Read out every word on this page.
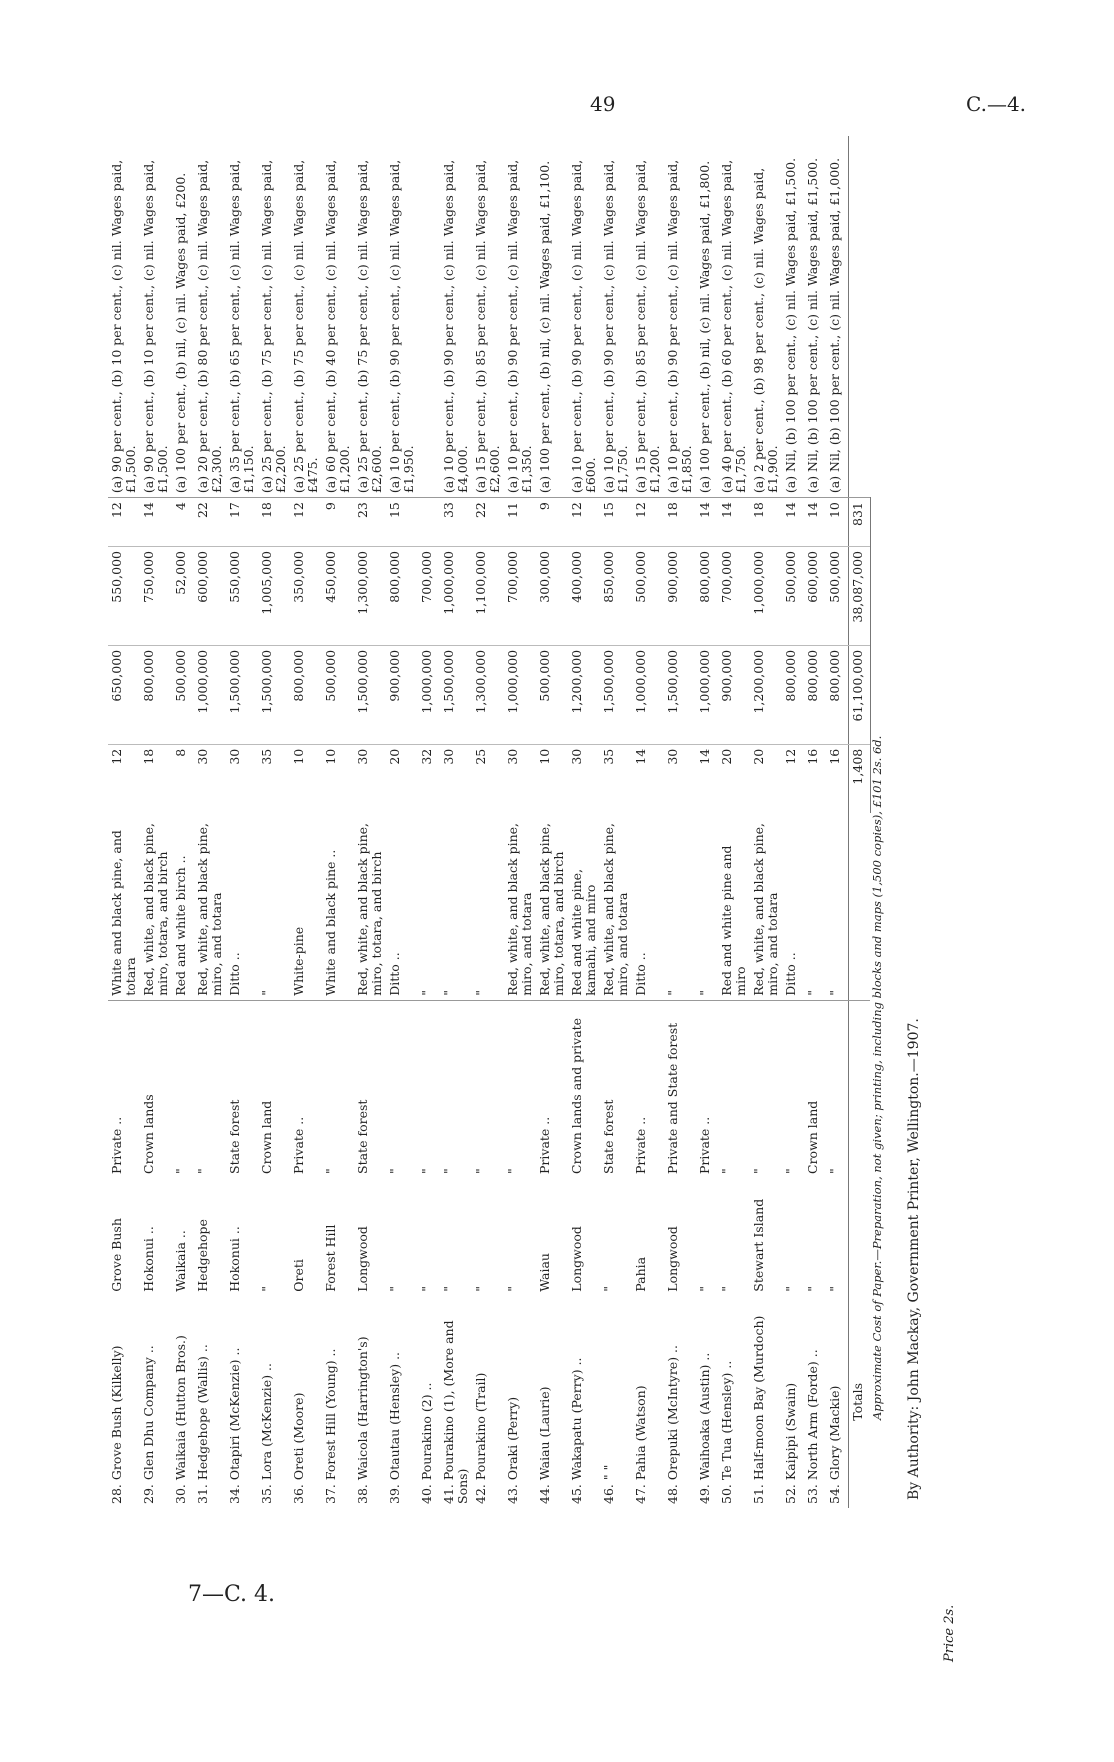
49	C.—4.
28. Grove Bush (Kilkelly)	Grove Bush	Private ..	White and black pine, and totara	12	650,000	550,000	12	(a) 90 per cent., (b) 10 per cent., (c) nil. Wages paid, £1,500.
29. Glen Dhu Company ..	Hokonui ..	Crown lands	Red, white, and black pine, miro, totara, and birch	18	800,000	750,000	14	(a) 90 per cent., (b) 10 per cent., (c) nil. Wages paid, £1,500.
30. Waikaia (Hutton Bros.)	Waikaia ..	"	Red and white birch ..	8	500,000	52,000	4	(a) 100 per cent., (b) nil, (c) nil. Wages paid, £200.
31. Hedgehope (Wallis) ..	Hedgehope	"	Red, white, and black pine, miro, and totara	30	1,000,000	600,000	22	(a) 20 per cent., (b) 80 per cent., (c) nil. Wages paid, £2,300.
34. Otapiri (McKenzie) ..	Hokonui ..	State forest	Ditto ..	30	1,500,000	550,000	17	(a) 35 per cent., (b) 65 per cent., (c) nil. Wages paid, £1,150.
35. Lora (McKenzie) ..	"	Crown land	"	35	1,500,000	1,005,000	18	(a) 25 per cent., (b) 75 per cent., (c) nil. Wages paid, £2,200.
36. Oreti (Moore)	Oreti	Private ..	White-pine	10	800,000	350,000	12	(a) 25 per cent., (b) 75 per cent., (c) nil. Wages paid, £475.
37. Forest Hill (Young) ..	Forest Hill	"	White and black pine ..	10	500,000	450,000	9	(a) 60 per cent., (b) 40 per cent., (c) nil. Wages paid, £1,200.
38. Waicola (Harrington's)	Longwood	State forest	Red, white, and black pine, miro, totara, and birch	30	1,500,000	1,300,000	23	(a) 25 per cent., (b) 75 per cent., (c) nil. Wages paid, £2,600.
39. Otautau (Hensley) ..	"	"	Ditto ..	20	900,000	800,000	15	(a) 10 per cent., (b) 90 per cent., (c) nil. Wages paid, £1,950.
40. Pourakino (2) ..	"	"	"	32	1,000,000	700,000		
41. Pourakino (1), (More and Sons)	"	"	"	30	1,500,000	1,000,000	33	(a) 10 per cent., (b) 90 per cent., (c) nil. Wages paid, £4,000.
42. Pourakino (Trail)	"	"	"	25	1,300,000	1,100,000	22	(a) 15 per cent., (b) 85 per cent., (c) nil. Wages paid, £2,600.
43. Oraki (Perry)	"	"	Red, white, and black pine, miro, and totara	30	1,000,000	700,000	11	(a) 10 per cent., (b) 90 per cent., (c) nil. Wages paid, £1,350.
44. Waiau (Laurie)	Waiau	Private ..	Red, white, and black pine, miro, totara, and birch	10	500,000	300,000	9	(a) 100 per cent., (b) nil, (c) nil. Wages paid, £1,100.
45. Wakapatu (Perry) ..	Longwood	Crown lands and private	Red and white pine, kamahi, and miro	30	1,200,000	400,000	12	(a) 10 per cent., (b) 90 per cent., (c) nil. Wages paid, £600.
46. " "	"	State forest	Red, white, and black pine, miro, and totara	35	1,500,000	850,000	15	(a) 10 per cent., (b) 90 per cent., (c) nil. Wages paid, £1,750.
47. Pahia (Watson)	Pahia	Private ..	Ditto ..	14	1,000,000	500,000	12	(a) 15 per cent., (b) 85 per cent., (c) nil. Wages paid, £1,200.
48. Orepuki (McIntyre) ..	Longwood	Private and State forest	"	30	1,500,000	900,000	18	(a) 10 per cent., (b) 90 per cent., (c) nil. Wages paid, £1,850.
49. Waihoaka (Austin) ..	"	Private ..	"	14	1,000,000	800,000	14	(a) 100 per cent., (b) nil, (c) nil. Wages paid, £1,800.
50. Te Tua (Hensley) ..	"	"	Red and white pine and miro	20	900,000	700,000	14	(a) 40 per cent., (b) 60 per cent., (c) nil. Wages paid, £1,750.
51. Half-moon Bay (Murdoch)	Stewart Island	"	Red, white, and black pine, miro, and totara	20	1,200,000	1,000,000	18	(a) 2 per cent., (b) 98 per cent., (c) nil. Wages paid, £1,900.
52. Kaipipi (Swain)	"	"	Ditto ..	12	800,000	500,000	14	(a) Nil, (b) 100 per cent., (c) nil. Wages paid, £1,500.
53. North Arm (Forde) ..	"	Crown land	"	16	800,000	600,000	14	(a) Nil, (b) 100 per cent., (c) nil. Wages paid, £1,500.
54. Glory (Mackie)	"	"	"	16	800,000	500,000	10	(a) Nil, (b) 100 per cent., (c) nil. Wages paid, £1,000.
Totals				1,408	61,100,000	38,087,000	831	
7—C. 4.
Approximate Cost of Paper.—Preparation, not given; printing, including blocks and maps (1,500 copies), £101 2s. 6d. By Authority: John Mackay, Government Printer, Wellington.—1907.
Price 2s.
